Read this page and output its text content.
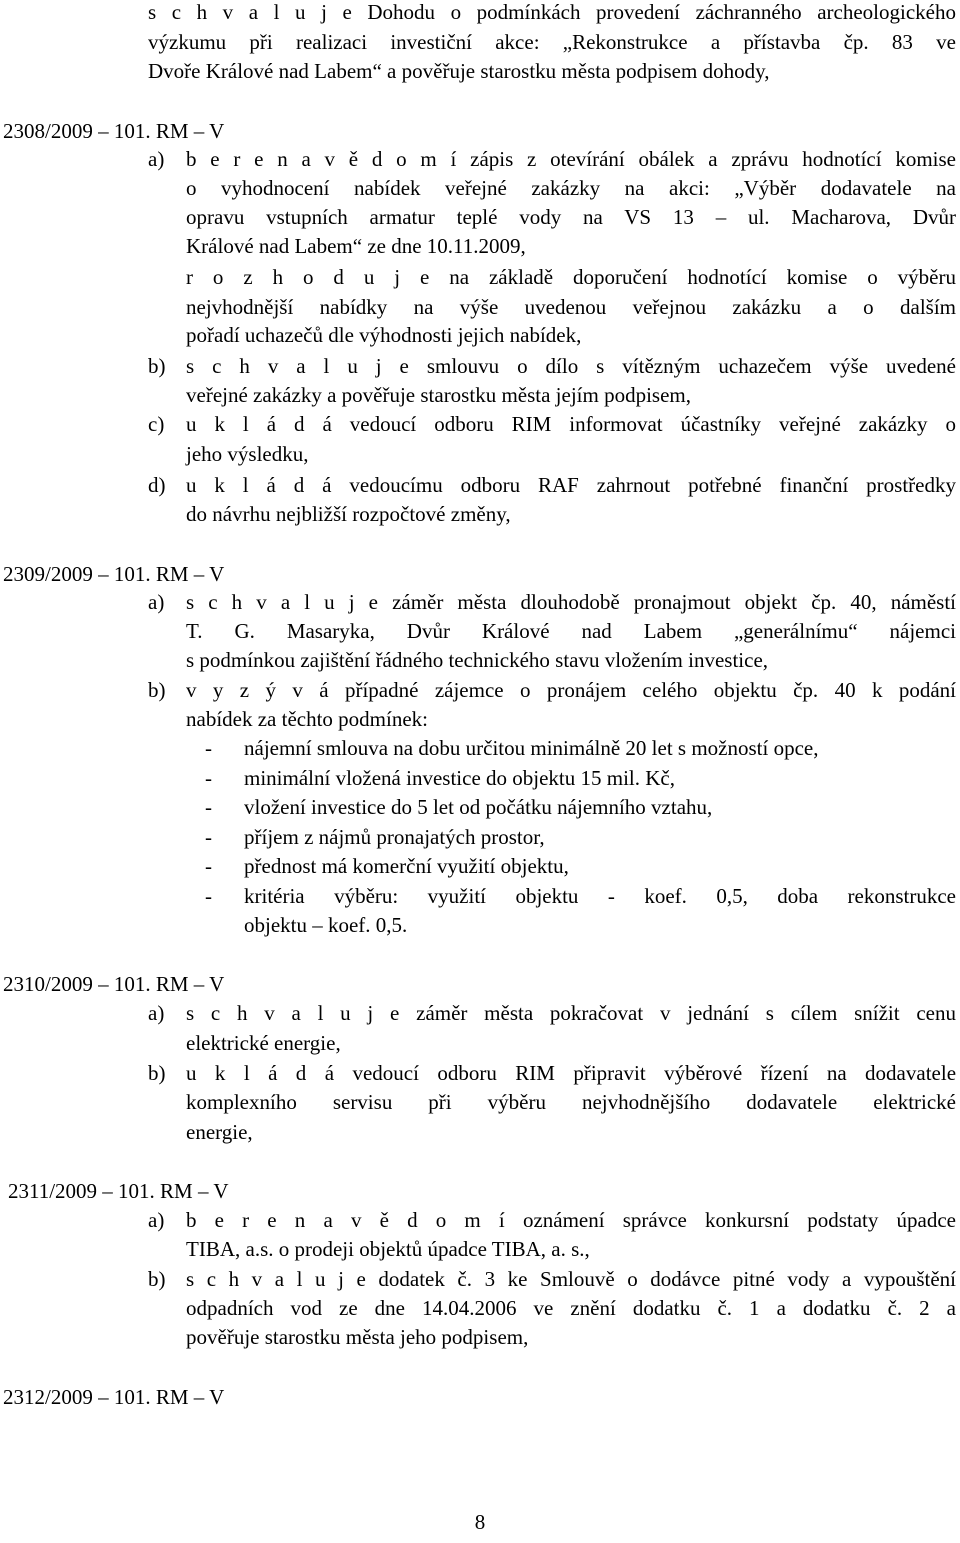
s c h v a l u j e Dohodu o podmínkách provedení záchranného archeologického
výzkumu při realizaci investiční akce: „Rekonstrukce a přístavba čp. 83 ve
Dvoře Králové nad Labem“ a pověřuje starostku města podpisem dohody,
2308/2009 – 101. RM – V
a) b e r e n a v ě d o m í zápis z otevírání obálek a zprávu hodnotící komise
o vyhodnocení nabídek veřejné zakázky na akci: „Výběr dodavatele na
opravu vstupních armatur teplé vody na VS 13 – ul. Macharova, Dvůr
Králové nad Labem“ ze dne 10.11.2009,
r o z h o d u j e na základě doporučení hodnotící komise o výběru
nejvhodnější nabídky na výše uvedenou veřejnou zakázku a o dalším
pořadí uchazečů dle výhodnosti jejich nabídek,
b) s c h v a l u j e smlouvu o dílo s vítězným uchazečem výše uvedené
veřejné zakázky a pověřuje starostku města jejím podpisem,
c) u k l á d á vedoucí odboru RIM informovat účastníky veřejné zakázky o
jeho výsledku,
d) u k l á d á vedoucímu odboru RAF zahrnout potřebné finanční prostředky
do návrhu nejbližší rozpočtové změny,
2309/2009 – 101. RM – V
a) s c h v a l u j e záměr města dlouhodobě pronajmout objekt čp. 40, náměstí
T. G. Masaryka, Dvůr Králové nad Labem „generálnímu“ nájemci
s podmínkou zajištění řádného technického stavu vložením investice,
b) v y z ý v á případné zájemce o pronájem celého objektu čp. 40 k podání
nabídek za těchto podmínek:
- nájemní smlouva na dobu určitou minimálně 20 let s možností opce,
- minimální vložená investice do objektu 15 mil. Kč,
- vložení investice do 5 let od počátku nájemního vztahu,
- příjem z nájmů pronajatých prostor,
- přednost má komerční využití objektu,
- kritéria výběru: využití objektu - koef. 0,5, doba rekonstrukce
objektu – koef. 0,5.
2310/2009 – 101. RM – V
a) s c h v a l u j e záměr města pokračovat v jednání s cílem snížit cenu
elektrické energie,
b) u k l á d á vedoucí odboru RIM připravit výběrové řízení na dodavatele
komplexního servisu při výběru nejvhodnějšího dodavatele elektrické
energie,
2311/2009 – 101. RM – V
a) b e r e n a v ě d o m í oznámení správce konkursní podstaty úpadce
TIBA, a.s. o prodeji objektů úpadce TIBA, a. s.,
b) s c h v a l u j e dodatek č. 3 ke Smlouvě o dodávce pitné vody a vypouštění
odpadních vod ze dne 14.04.2006 ve znění dodatku č. 1 a dodatku č. 2 a
pověřuje starostku města jeho podpisem,
2312/2009 – 101. RM – V
8
